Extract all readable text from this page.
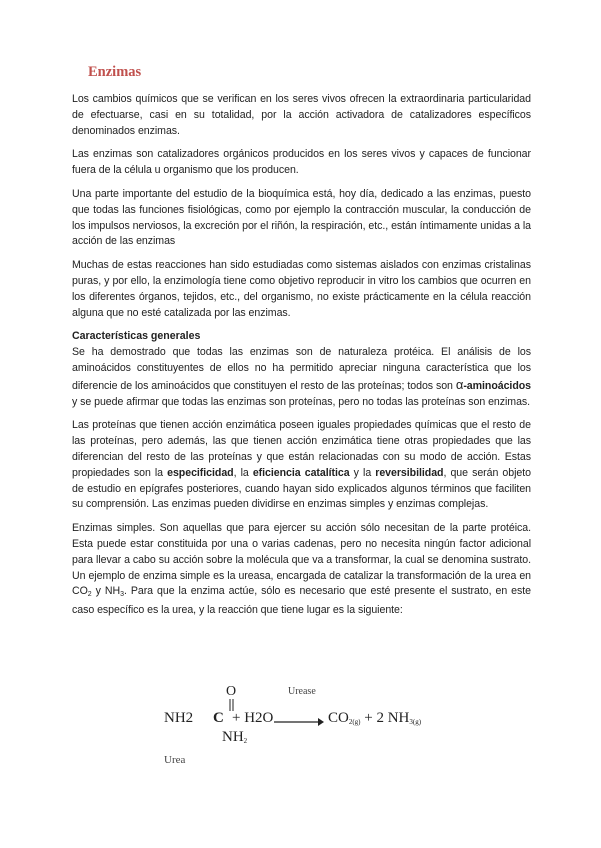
Enzimas

Los cambios químicos que se verifican en los seres vivos ofrecen la extraordinaria particularidad de efectuarse, casi en su totalidad, por la acción activadora de catalizadores específicos denominados enzimas.

Las enzimas son catalizadores orgánicos producidos en los seres vivos y capaces de funcionar fuera de la célula u organismo que los producen.

Una parte importante del estudio de la bioquímica está, hoy día, dedicado a las enzimas, puesto que todas las funciones fisiológicas, como por ejemplo la contracción muscular, la conducción de los impulsos nerviosos, la excreción por el riñón, la respiración, etc., están íntimamente unidas a la acción de las enzimas

Muchas de estas reacciones han sido estudiadas como sistemas aislados con enzimas cristalinas puras, y por ello, la enzimología tiene como objetivo reproducir in vitro los cambios que ocurren en los diferentes órganos, tejidos, etc., del organismo, no existe prácticamente en la célula reacción alguna que no esté catalizada por las enzimas.

Características generales

Se ha demostrado que todas las enzimas son de naturaleza protéica. El análisis de los aminoácidos constituyentes de ellos no ha permitido apreciar ninguna característica que los diferencie de los aminoácidos que constituyen el resto de las proteínas; todos son α-aminoácidos y se puede afirmar que todas las enzimas son proteínas, pero no todas las proteínas son enzimas.

Las proteínas que tienen acción enzimática poseen iguales propiedades químicas que el resto de las proteínas, pero además, las que tienen acción enzimática tiene otras propiedades que las diferencian del resto de las proteínas y que están relacionadas con su modo de acción. Estas propiedades son la especificidad, la eficiencia catalítica y la reversibilidad, que serán objeto de estudio en epígrafes posteriores, cuando hayan sido explicados algunos términos que faciliten su comprensión. Las enzimas pueden dividirse en enzimas simples y enzimas complejas.

Enzimas simples. Son aquellas que para ejercer su acción sólo necesitan de la parte protéica. Esta puede estar constituida por una o varias cadenas, pero no necesita ningún factor adicional para llevar a cabo su acción sobre la molécula que va a transformar, la cual se denomina sustrato. Un ejemplo de enzima simple es la ureasa, encargada de catalizar la transformación de la urea en $CO_2$ y $NH_3$. Para que la enzima actúe, sólo es necesario que esté presente el sustrato, en este caso específico es la urea, y la reacción que tiene lugar es la siguiente:

Urease
NH2
O
$C + H2O \to CO_{2(g)} + 2$ $NH_{3(g)}$
$NH_2$
Urea
